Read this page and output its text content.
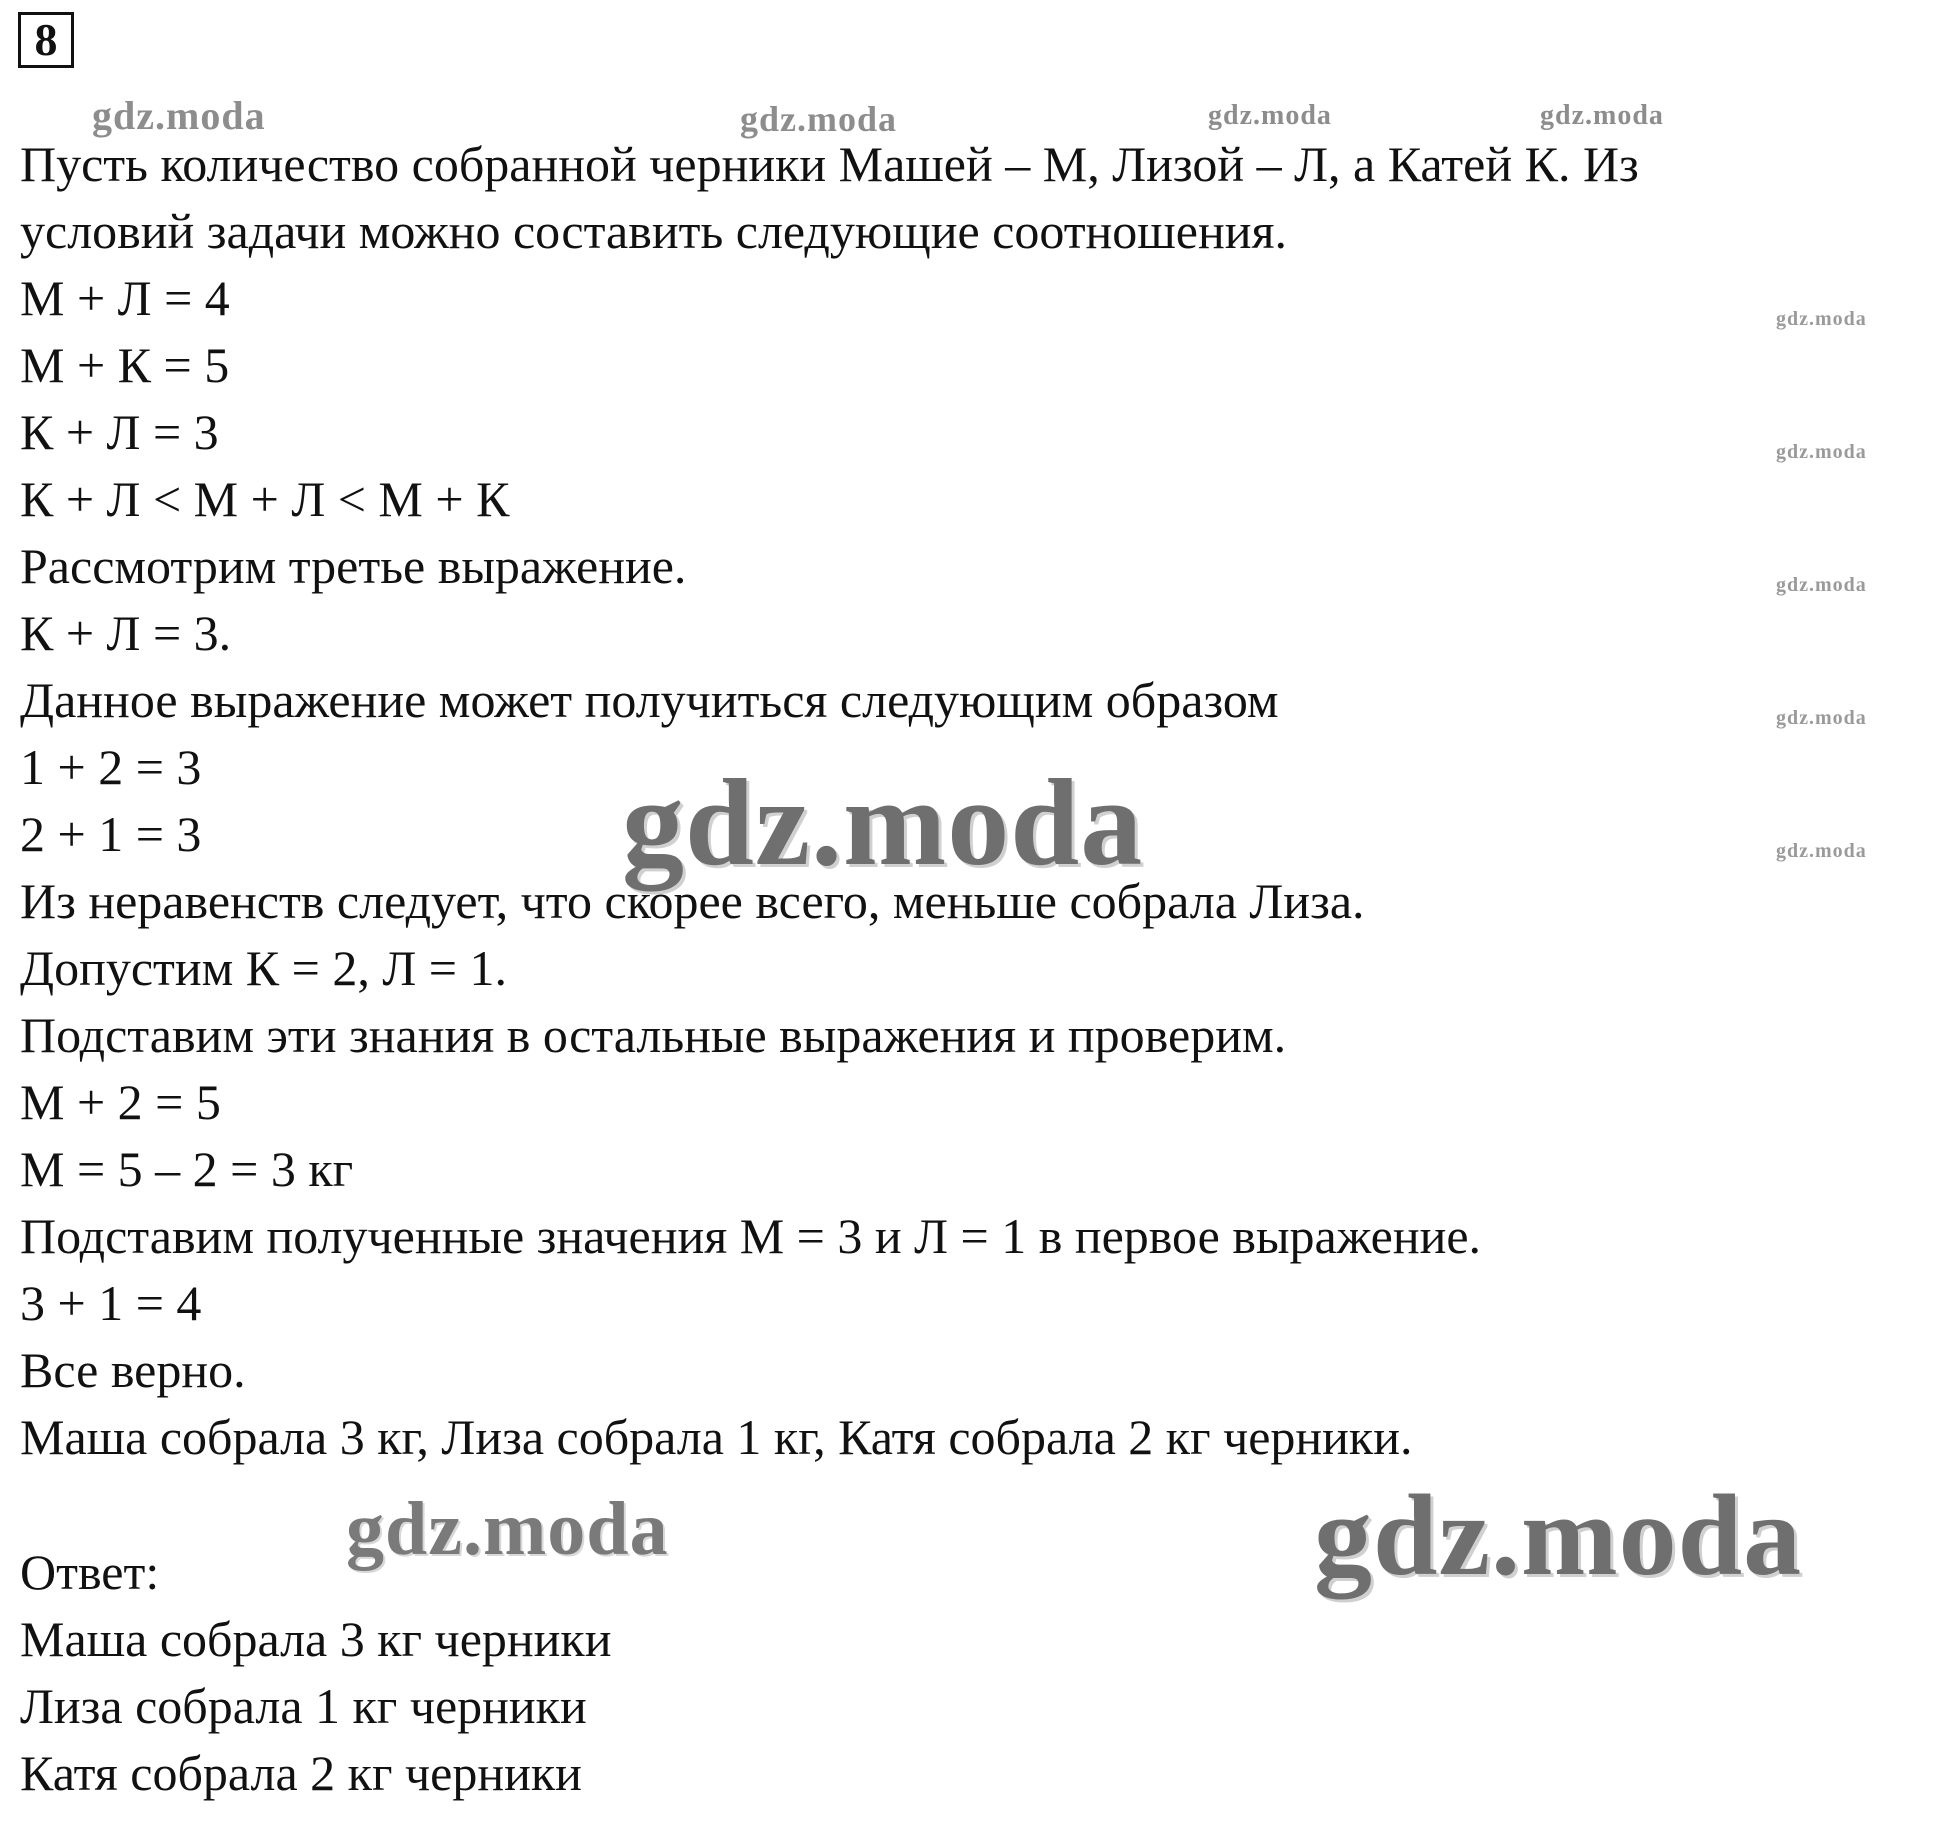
8
gdz.moda	gdz.moda	gdz.moda	gdz.moda
gdz.moda
gdz.moda
gdz.moda
gdz.moda
gdz.moda
gdz.moda
gdz.moda	gdz.moda
Пусть количество собранной черники Машей – М, Лизой – Л, а Катей К. Из
условий задачи можно составить следующие соотношения.
М + Л = 4
М + К = 5
К + Л = 3
К + Л < М + Л < М + К
Рассмотрим третье выражение.
К + Л = 3.
Данное выражение может получиться следующим образом
1 + 2 = 3
2 + 1 = 3
Из неравенств следует, что скорее всего, меньше собрала Лиза.
Допустим К = 2, Л = 1.
Подставим эти знания в остальные выражения и проверим.
М + 2 = 5
М = 5 – 2 = 3 кг
Подставим полученные значения М = 3 и Л = 1 в первое выражение.
3 + 1 = 4
Все верно.
Маша собрала 3 кг, Лиза собрала 1 кг, Катя собрала 2 кг черники.
Ответ:
Маша собрала 3 кг черники
Лиза собрала 1 кг черники
Катя собрала 2 кг черники
